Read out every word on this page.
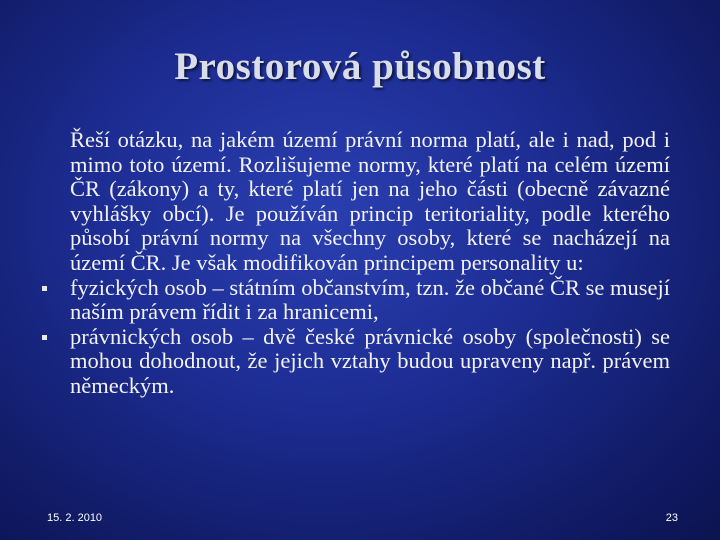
Prostorová působnost

Řeší otázku, na jakém území právní norma platí, ale i nad, pod i mimo toto území. Rozlišujeme normy, které platí na celém území ČR (zákony) a ty, které platí jen na jeho části (obecně závazné vyhlášky obcí). Je používán princip teritoriality, podle kterého působí právní normy na všechny osoby, které se nacházejí na území ČR. Je však modifikován principem personality u:

fyzických osob – státním občanstvím, tzn. že občané ČR se musejí naším právem řídit i za hranicemi,
právnických osob – dvě české právnické osoby (společnosti) se mohou dohodnout, že jejich vztahy budou upraveny např. právem německým.
15. 2. 2010	23
